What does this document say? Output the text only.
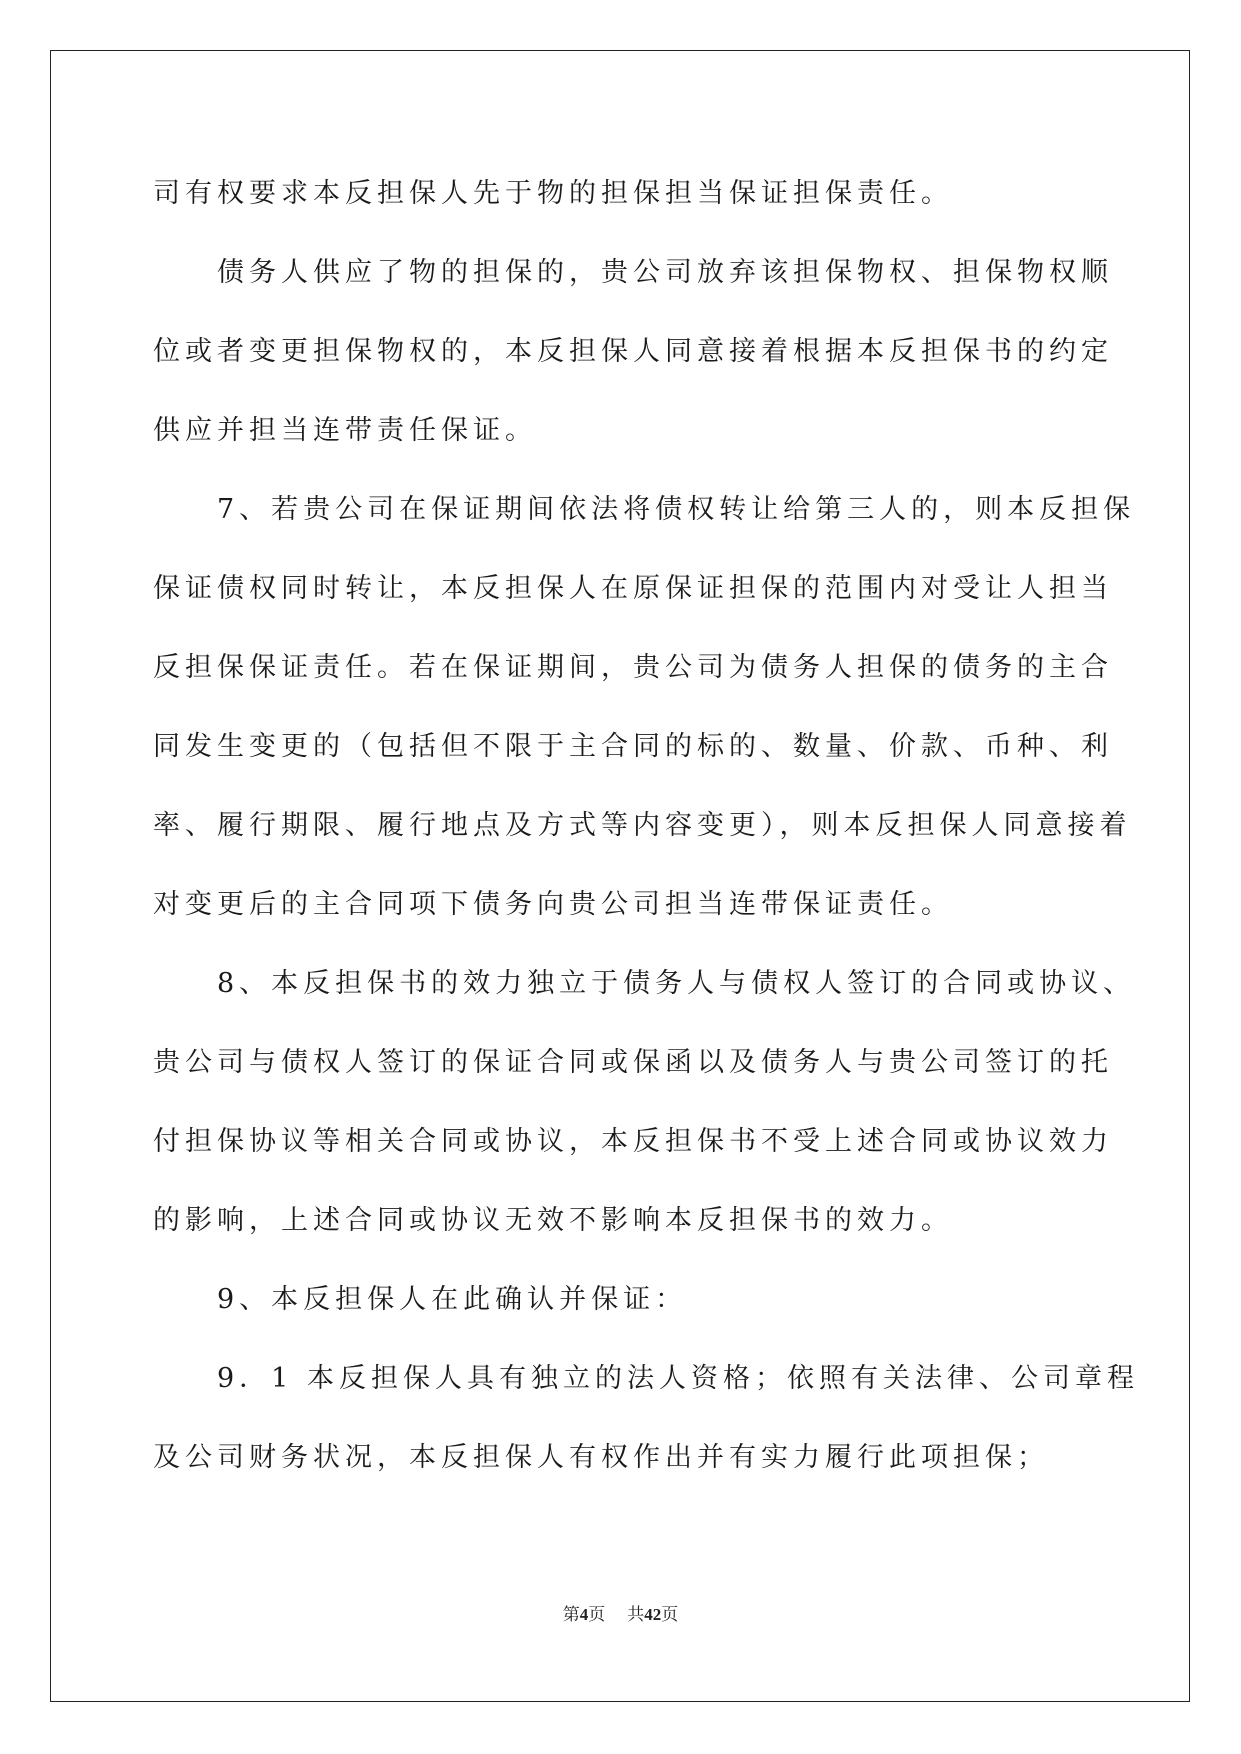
司有权要求本反担保人先于物的担保担当保证担保责任。
　　债务人供应了物的担保的，贵公司放弃该担保物权、担保物权顺
位或者变更担保物权的，本反担保人同意接着根据本反担保书的约定
供应并担当连带责任保证。
　　7、若贵公司在保证期间依法将债权转让给第三人的，则本反担保
保证债权同时转让，本反担保人在原保证担保的范围内对受让人担当
反担保保证责任。若在保证期间，贵公司为债务人担保的债务的主合
同发生变更的（包括但不限于主合同的标的、数量、价款、币种、利
率、履行期限、履行地点及方式等内容变更），则本反担保人同意接着
对变更后的主合同项下债务向贵公司担当连带保证责任。
　　8、本反担保书的效力独立于债务人与债权人签订的合同或协议、
贵公司与债权人签订的保证合同或保函以及债务人与贵公司签订的托
付担保协议等相关合同或协议，本反担保书不受上述合同或协议效力
的影响，上述合同或协议无效不影响本反担保书的效力。
　　9、本反担保人在此确认并保证：
　　9．1 本反担保人具有独立的法人资格；依照有关法律、公司章程
及公司财务状况，本反担保人有权作出并有实力履行此项担保；
第4页 共42页
